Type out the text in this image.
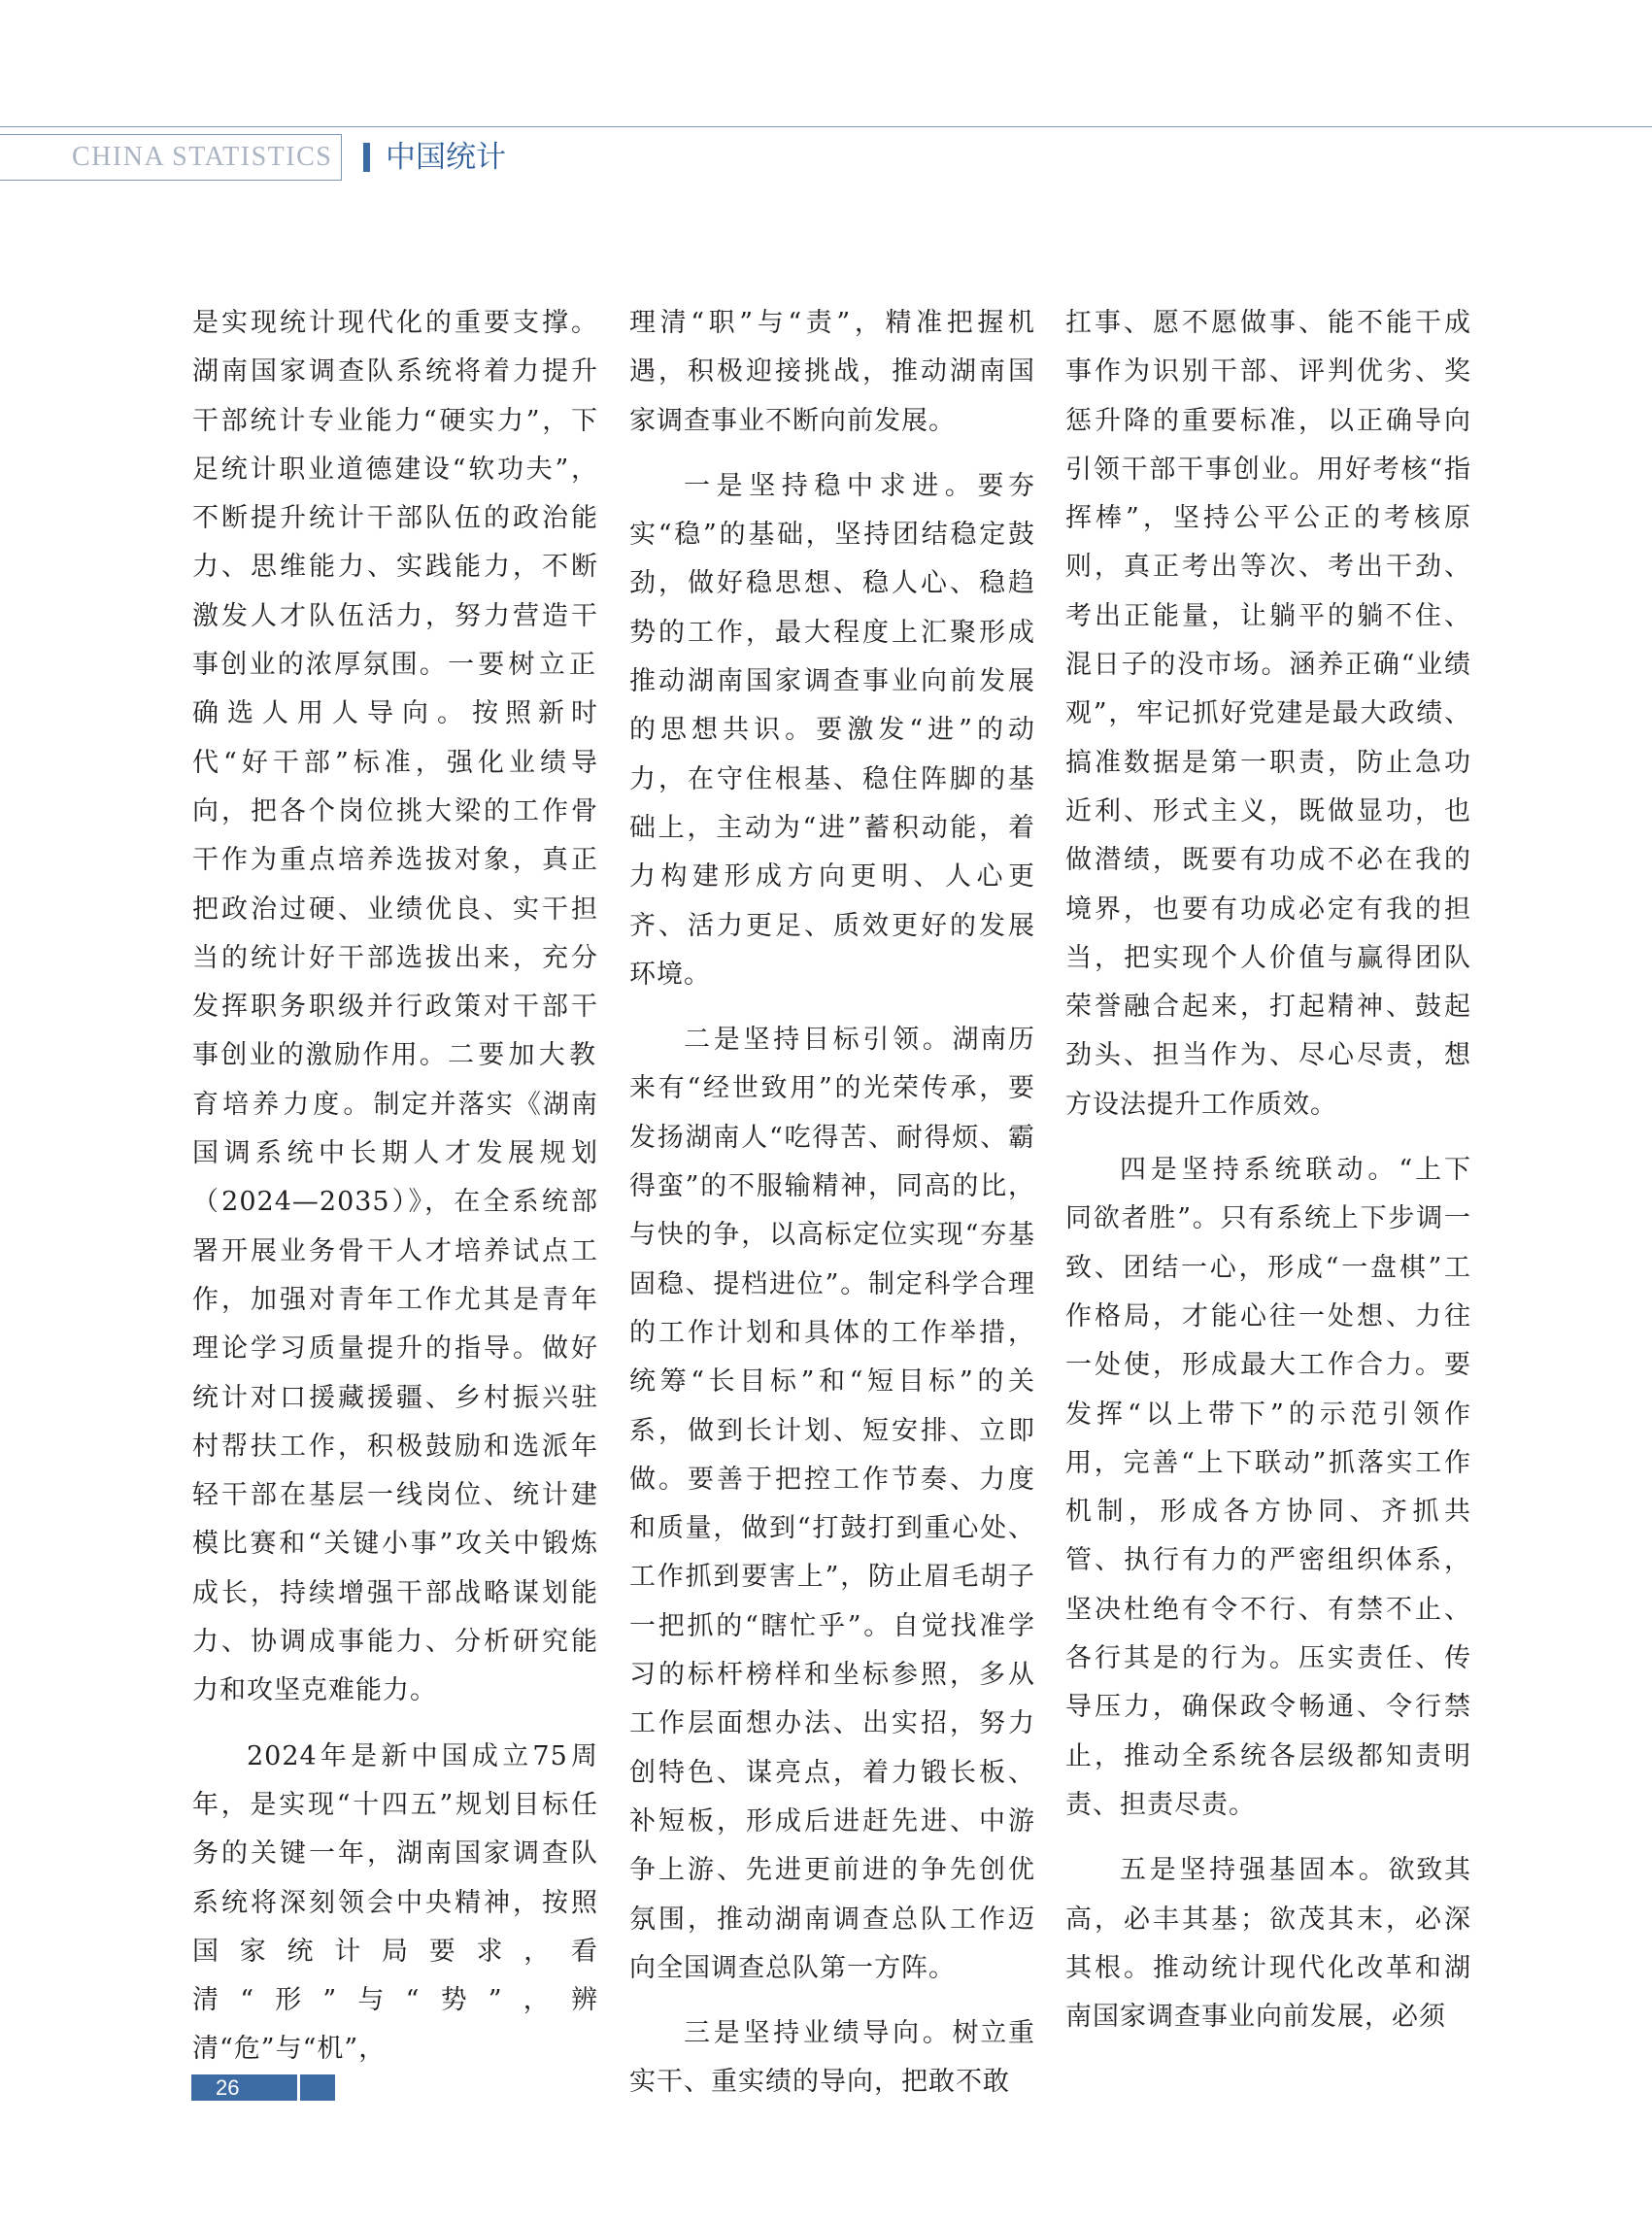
CHINA STATISTICS 中国统计

是实现统计现代化的重要支撑。湖南国家调查队系统将着力提升干部统计专业能力“硬实力”，下足统计职业道德建设“软功夫”，不断提升统计干部队伍的政治能力、思维能力、实践能力，不断激发人才队伍活力，努力营造干事创业的浓厚氛围。一要树立正确选人用人导向。按照新时代“好干部”标准，强化业绩导向，把各个岗位挑大梁的工作骨干作为重点培养选拔对象，真正把政治过硬、业绩优良、实干担当的统计好干部选拔出来，充分发挥职务职级并行政策对干部干事创业的激励作用。二要加大教育培养力度。制定并落实《湖南国调系统中长期人才发展规划（2024—2035）》，在全系统部署开展业务骨干人才培养试点工作，加强对青年工作尤其是青年理论学习质量提升的指导。做好统计对口援藏援疆、乡村振兴驻村帮扶工作，积极鼓励和选派年轻干部在基层一线岗位、统计建模比赛和“关键小事”攻关中锻炼成长，持续增强干部战略谋划能力、协调成事能力、分析研究能力和攻坚克难能力。

2024年是新中国成立75周年，是实现“十四五”规划目标任务的关键一年，湖南国家调查队系统将深刻领会中央精神，按照国家统计局要求，看清“形”与“势”，辨清“危”与“机”，

理清“职”与“责”，精准把握机遇，积极迎接挑战，推动湖南国家调查事业不断向前发展。

一是坚持稳中求进。要夯实“稳”的基础，坚持团结稳定鼓劲，做好稳思想、稳人心、稳趋势的工作，最大程度上汇聚形成推动湖南国家调查事业向前发展的思想共识。要激发“进”的动力，在守住根基、稳住阵脚的基础上，主动为“进”蓄积动能，着力构建形成方向更明、人心更齐、活力更足、质效更好的发展环境。

二是坚持目标引领。湖南历来有“经世致用”的光荣传承，要发扬湖南人“吃得苦、耐得烦、霸得蛮”的不服输精神，同高的比，与快的争，以高标定位实现“夯基固稳、提档进位”。制定科学合理的工作计划和具体的工作举措，统筹“长目标”和“短目标”的关系，做到长计划、短安排、立即做。要善于把控工作节奏、力度和质量，做到“打鼓打到重心处、工作抓到要害上”，防止眉毛胡子一把抓的“瞎忙乎”。自觉找准学习的标杆榜样和坐标参照，多从工作层面想办法、出实招，努力创特色、谋亮点，着力锻长板、补短板，形成后进赶先进、中游争上游、先进更前进的争先创优氛围，推动湖南调查总队工作迈向全国调查总队第一方阵。

三是坚持业绩导向。树立重实干、重实绩的导向，把敢不敢

扛事、愿不愿做事、能不能干成事作为识别干部、评判优劣、奖惩升降的重要标准，以正确导向引领干部干事创业。用好考核“指挥棒”，坚持公平公正的考核原则，真正考出等次、考出干劲、考出正能量，让躺平的躺不住、混日子的没市场。涵养正确“业绩观”，牢记抓好党建是最大政绩、搞准数据是第一职责，防止急功近利、形式主义，既做显功，也做潜绩，既要有功成不必在我的境界，也要有功成必定有我的担当，把实现个人价值与赢得团队荣誉融合起来，打起精神、鼓起劲头、担当作为、尽心尽责，想方设法提升工作质效。

四是坚持系统联动。“上下同欲者胜”。只有系统上下步调一致、团结一心，形成“一盘棋”工作格局，才能心往一处想、力往一处使，形成最大工作合力。要发挥“以上带下”的示范引领作用，完善“上下联动”抓落实工作机制，形成各方协同、齐抓共管、执行有力的严密组织体系，坚决杜绝有令不行、有禁不止、各行其是的行为。压实责任、传导压力，确保政令畅通、令行禁止，推动全系统各层级都知责明责、担责尽责。

五是坚持强基固本。欲致其高，必丰其基；欲茂其末，必深其根。推动统计现代化改革和湖南国家调查事业向前发展，必须

26
